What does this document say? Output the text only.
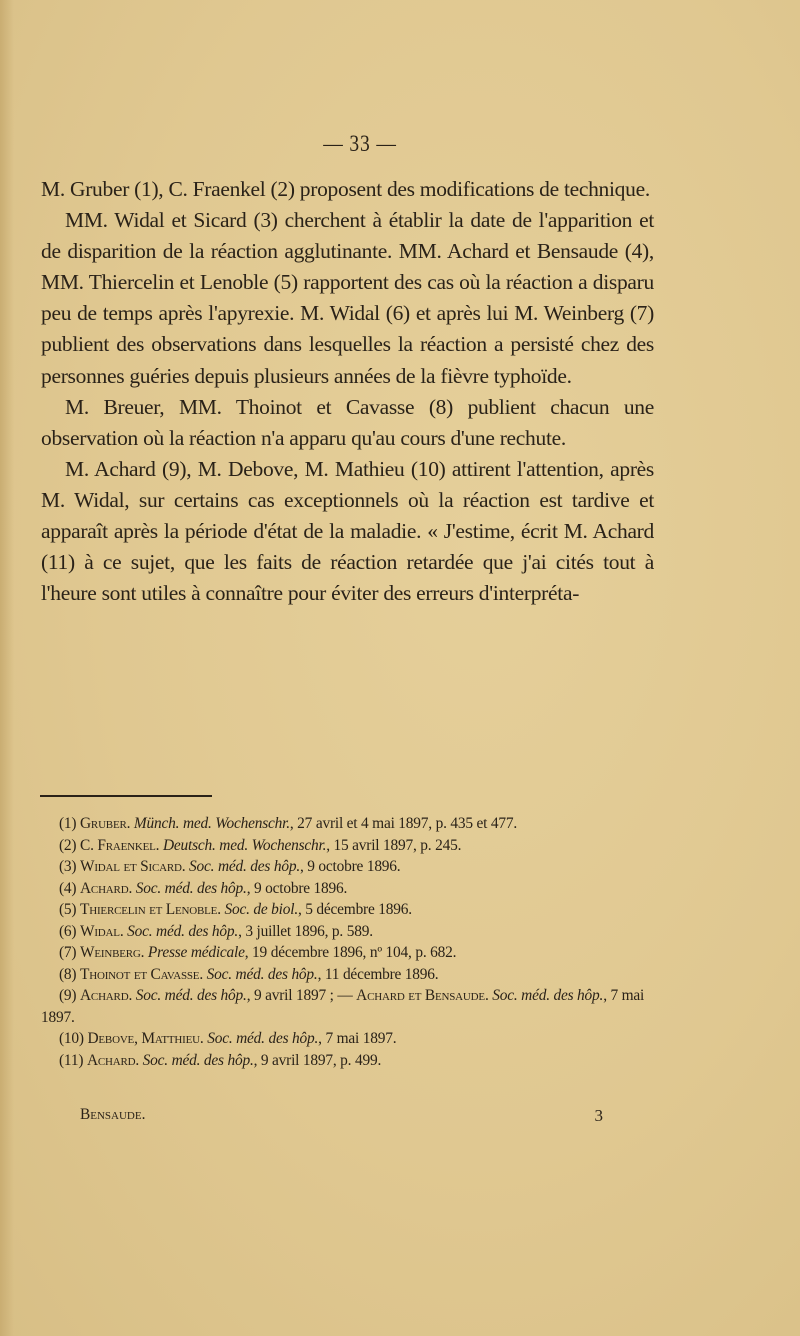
— 33 —

M. Gruber (1), C. Fraenkel (2) proposent des modifications de technique.

MM. Widal et Sicard (3) cherchent à établir la date de l'apparition et de disparition de la réaction agglutinante. MM. Achard et Bensaude (4), MM. Thiercelin et Lenoble (5) rapportent des cas où la réaction a disparu peu de temps après l'apyrexie. M. Widal (6) et après lui M. Weinberg (7) publient des observations dans lesquelles la réaction a persisté chez des personnes guéries depuis plusieurs années de la fièvre typhoïde.

M. Breuer, MM. Thoinot et Cavasse (8) publient chacun une observation où la réaction n'a apparu qu'au cours d'une rechute.

M. Achard (9), M. Debove, M. Mathieu (10) attirent l'attention, après M. Widal, sur certains cas exceptionnels où la réaction est tardive et apparaît après la période d'état de la maladie. « J'estime, écrit M. Achard (11) à ce sujet, que les faits de réaction retardée que j'ai cités tout à l'heure sont utiles à connaître pour éviter des erreurs d'interpréta-

(1) Gruber. Münch. med. Wochenschr., 27 avril et 4 mai 1897, p. 435 et 477.

(2) C. Fraenkel. Deutsch. med. Wochenschr., 15 avril 1897, p. 245.

(3) Widal et Sicard. Soc. méd. des hôp., 9 octobre 1896.

(4) Achard. Soc. méd. des hôp., 9 octobre 1896.

(5) Thiercelin et Lenoble. Soc. de biol., 5 décembre 1896.

(6) Widal. Soc. méd. des hôp., 3 juillet 1896, p. 589.

(7) Weinberg. Presse médicale, 19 décembre 1896, nº 104, p. 682.

(8) Thoinot et Cavasse. Soc. méd. des hôp., 11 décembre 1896.

(9) Achard. Soc. méd. des hôp., 9 avril 1897 ; — Achard et Bensaude. Soc. méd. des hôp., 7 mai 1897.

(10) Debove, Matthieu. Soc. méd. des hôp., 7 mai 1897.

(11) Achard. Soc. méd. des hôp., 9 avril 1897, p. 499.

Bensaude.	3
